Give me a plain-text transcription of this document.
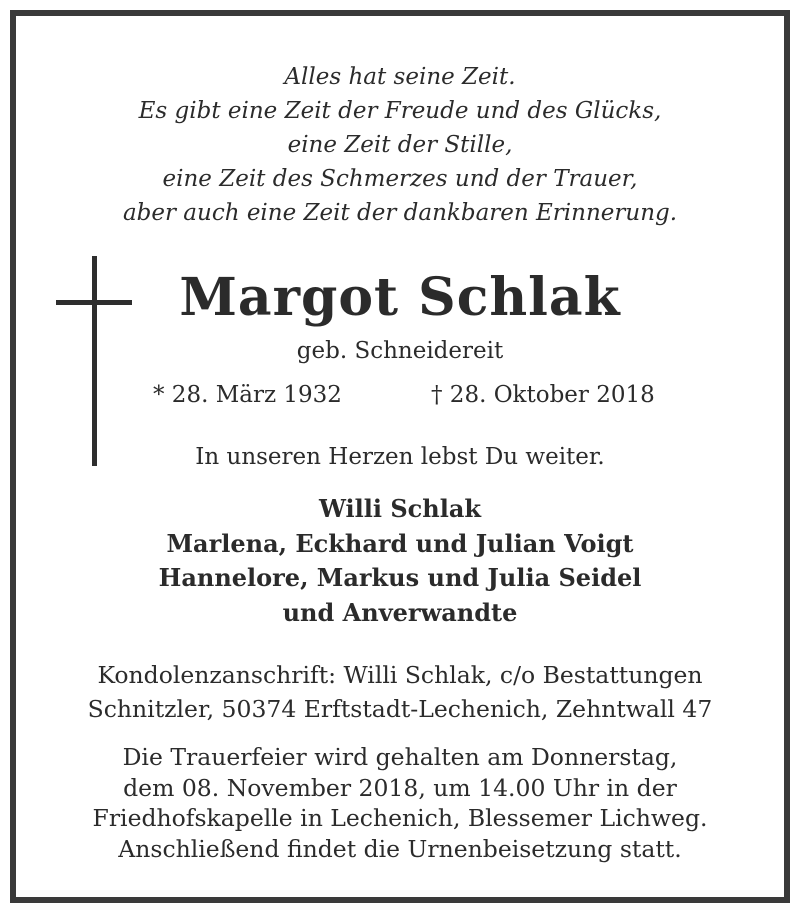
Alles hat seine Zeit.
Es gibt eine Zeit der Freude und des Glücks,
eine Zeit der Stille,
eine Zeit des Schmerzes und der Trauer,
aber auch eine Zeit der dankbaren Erinnerung.
Margot Schlak
geb. Schneidereit
* 28. März 1932	† 28. Oktober 2018
In unseren Herzen lebst Du weiter.
Willi Schlak
Marlena, Eckhard und Julian Voigt
Hannelore, Markus und Julia Seidel
und Anverwandte
Kondolenzanschrift: Willi Schlak, c/o Bestattungen
Schnitzler, 50374 Erftstadt-Lechenich, Zehntwall 47
Die Trauerfeier wird gehalten am Donnerstag,
dem 08. November 2018, um 14.00 Uhr in der
Friedhofskapelle in Lechenich, Blessemer Lichweg.
Anschließend findet die Urnenbeisetzung statt.
